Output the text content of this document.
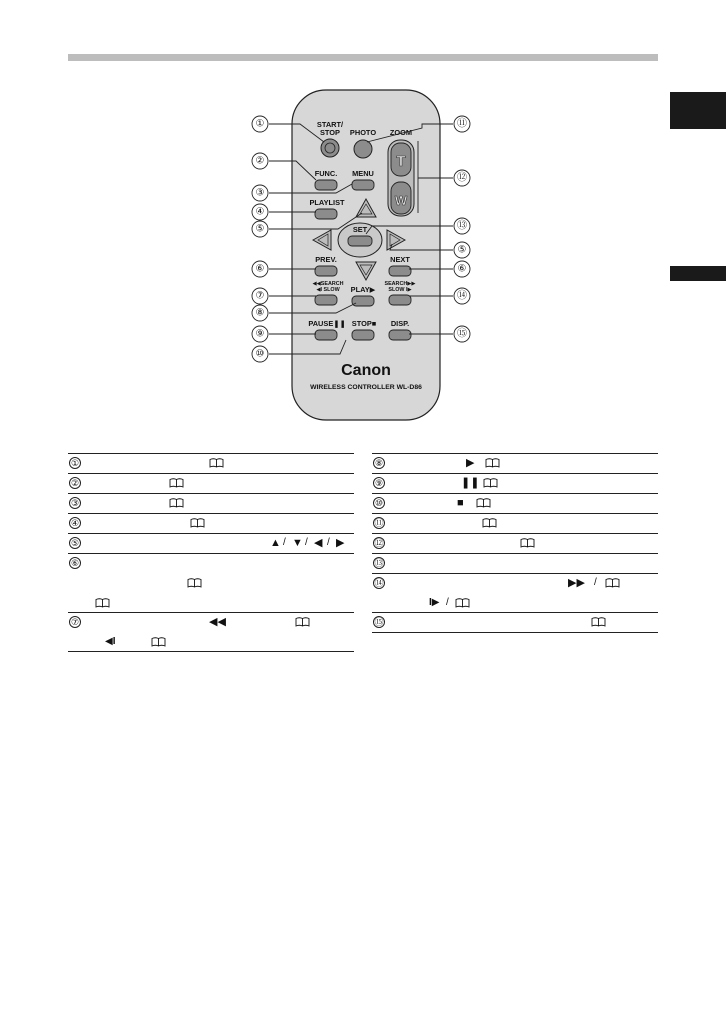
START/
STOP PHOTO ZOOM
T
W
FUNC. MENU
PLAYLIST
SET
PREV.	NEXT
◀◀SEARCH
◀I SLOW
SEARCH▶▶
SLOW I▶
PLAY▶
PAUSE❚❚ STOP■ DISP.
Canon
WIRELESS CONTROLLER WL-D86
①
②
③
④
⑤
⑥
⑦
⑧
⑨
⑩
⑪
⑫
⑬
⑤
⑥
⑭
⑮
①

②

③

④

⑤	▲ / ▼ / ◀ / ▶

⑥

⑦	◀◀
◀I
⑧	▶

⑨	❚❚

⑩	■

⑪

⑫

⑬

⑭	▶▶ /
I▶ /

⑮
